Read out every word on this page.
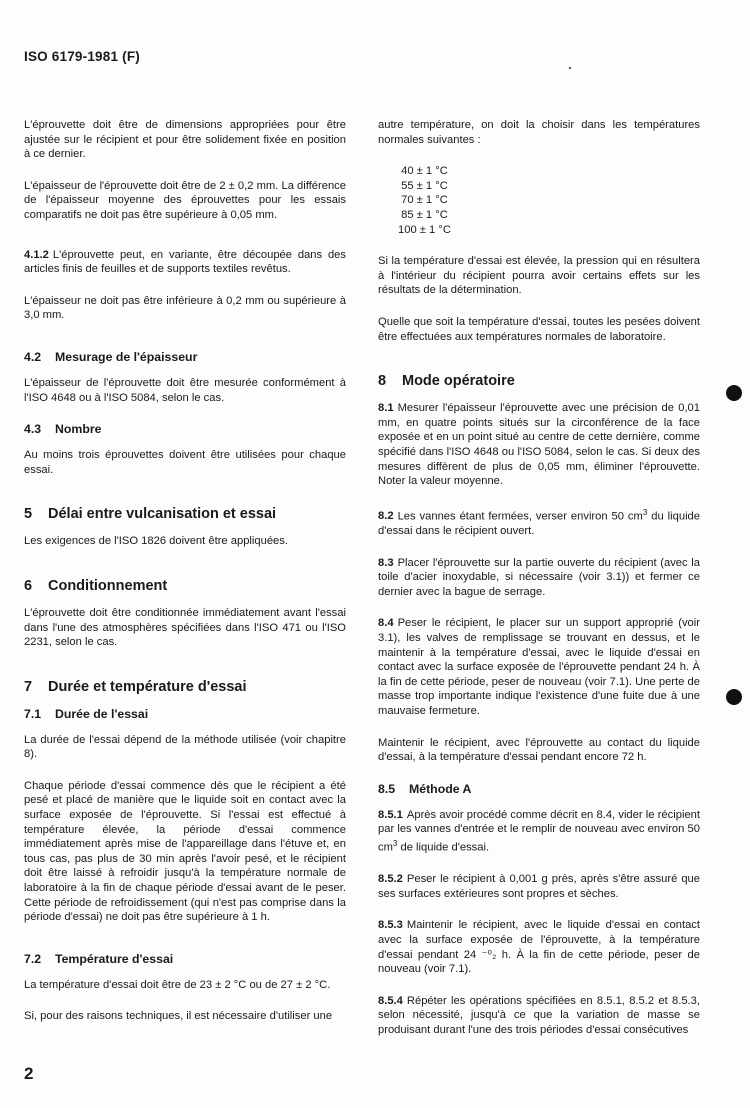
ISO 6179-1981 (F)

L'éprouvette doit être de dimensions appropriées pour être ajustée sur le récipient et pour être solidement fixée en position à ce dernier.

L'épaisseur de l'éprouvette doit être de 2 ± 0,2 mm. La différence de l'épaisseur moyenne des éprouvettes pour les essais comparatifs ne doit pas être supérieure à 0,05 mm.

4.1.2 L'éprouvette peut, en variante, être découpée dans des articles finis de feuilles et de supports textiles revêtus.

L'épaisseur ne doit pas être inférieure à 0,2 mm ou supérieure à 3,0 mm.

4.2 Mesurage de l'épaisseur

L'épaisseur de l'éprouvette doit être mesurée conformément à l'ISO 4648 ou à l'ISO 5084, selon le cas.

4.3 Nombre

Au moins trois éprouvettes doivent être utilisées pour chaque essai.

5 Délai entre vulcanisation et essai

Les exigences de l'ISO 1826 doivent être appliquées.

6 Conditionnement

L'éprouvette doit être conditionnée immédiatement avant l'essai dans l'une des atmosphères spécifiées dans l'ISO 471 ou l'ISO 2231, selon le cas.

7 Durée et température d'essai
7.1 Durée de l'essai

La durée de l'essai dépend de la méthode utilisée (voir chapitre 8).

Chaque période d'essai commence dès que le récipient a été pesé et placé de manière que le liquide soit en contact avec la surface exposée de l'éprouvette. Si l'essai est effectué à température élevée, la période d'essai commence immédiatement après mise de l'appareillage dans l'étuve et, en tous cas, pas plus de 30 min après l'avoir pesé, et le récipient doit être laissé à refroidir jusqu'à la température normale de laboratoire à la fin de chaque période d'essai avant de le peser. Cette période de refroidissement (qui n'est pas comprise dans la période d'essai) ne doit pas être supérieure à 1 h.

7.2 Température d'essai

La température d'essai doit être de 23 ± 2 °C ou de 27 ± 2 °C.

Si, pour des raisons techniques, il est nécessaire d'utiliser une

autre température, on doit la choisir dans les températures normales suivantes :

40 ± 1 °C
55 ± 1 °C
70 ± 1 °C
85 ± 1 °C
100 ± 1 °C

Si la température d'essai est élevée, la pression qui en résultera à l'intérieur du récipient pourra avoir certains effets sur les résultats de la détermination.

Quelle que soit la température d'essai, toutes les pesées doivent être effectuées aux températures normales de laboratoire.

8 Mode opératoire

8.1 Mesurer l'épaisseur l'éprouvette avec une précision de 0,01 mm, en quatre points situés sur la circonférence de la face exposée et en un point situé au centre de cette dernière, comme spécifié dans l'ISO 4648 ou l'ISO 5084, selon le cas. Si deux des mesures diffèrent de plus de 0,05 mm, éliminer l'éprouvette. Noter la valeur moyenne.

8.2 Les vannes étant fermées, verser environ 50 $cm^3$ du liquide d'essai dans le récipient ouvert.

8.3 Placer l'éprouvette sur la partie ouverte du récipient (avec la toile d'acier inoxydable, si nécessaire (voir 3.1)) et fermer ce dernier avec la bague de serrage.

8.4 Peser le récipient, le placer sur un support approprié (voir 3.1), les valves de remplissage se trouvant en dessus, et le maintenir à la température d'essai, avec le liquide d'essai en contact avec la surface exposée de l'éprouvette pendant 24 h. À la fin de cette période, peser de nouveau (voir 7.1). Une perte de masse trop importante indique l'existence d'une fuite due à une mauvaise fermeture.

Maintenir le récipient, avec l'éprouvette au contact du liquide d'essai, à la température d'essai pendant encore 72 h.

8.5 Méthode A

8.5.1 Après avoir procédé comme décrit en 8.4, vider le récipient par les vannes d'entrée et le remplir de nouveau avec environ 50 $cm^3$ de liquide d'essai.

8.5.2 Peser le récipient à 0,001 g près, après s'être assuré que ses surfaces extérieures sont propres et sèches.

8.5.3 Maintenir le récipient, avec le liquide d'essai en contact avec la surface exposée de l'éprouvette, à la température d'essai pendant 24 ⁻⁰₂ h. À la fin de cette période, peser de nouveau (voir 7.1).

8.5.4 Répéter les opérations spécifiées en 8.5.1, 8.5.2 et 8.5.3, selon nécessité, jusqu'à ce que la variation de masse se produisant durant l'une des trois périodes d'essai consécutives

2
